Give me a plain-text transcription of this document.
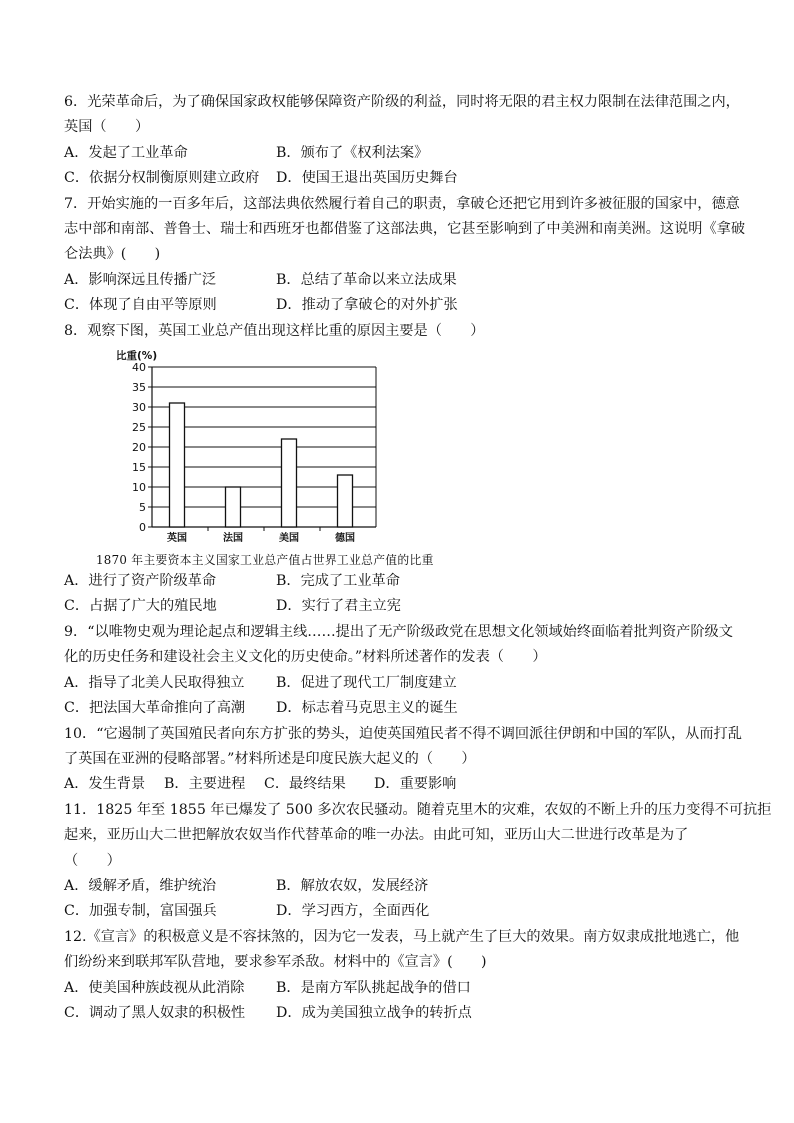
6．光荣革命后，为了确保国家政权能够保障资产阶级的利益，同时将无限的君主权力限制在法律范围之内，
英国（　　）
A．发起了工业革命	B．颁布了《权利法案》
C．依据分权制衡原则建立政府	D．使国王退出英国历史舞台
7．开始实施的一百多年后，这部法典依然履行着自己的职责，拿破仑还把它用到许多被征服的国家中，德意
志中部和南部、普鲁士、瑞士和西班牙也都借鉴了这部法典，它甚至影响到了中美洲和南美洲。这说明《拿破
仑法典》(　　)
A．影响深远且传播广泛	B．总结了革命以来立法成果
C．体现了自由平等原则	D．推动了拿破仑的对外扩张
8．观察下图，英国工业总产值出现这样比重的原因主要是（　　）
0
5
10
15
20
25
30
35
40
比重(%)
英国	法国	美国	德国
1870 年主要资本主义国家工业总产值占世界工业总产值的比重
A．进行了资产阶级革命	B．完成了工业革命
C．占据了广大的殖民地	D．实行了君主立宪
9．“以唯物史观为理论起点和逻辑主线……提出了无产阶级政党在思想文化领域始终面临着批判资产阶级文
化的历史任务和建设社会主义文化的历史使命。”材料所述著作的发表（　　）
A．指导了北美人民取得独立	B．促进了现代工厂制度建立
C．把法国大革命推向了高潮	D．标志着马克思主义的诞生
10．“它遏制了英国殖民者向东方扩张的势头，迫使英国殖民者不得不调回派往伊朗和中国的军队，从而打乱
了英国在亚洲的侵略部署。”材料所述是印度民族大起义的（　　）
A．发生背景	B．主要进程	C．最终结果	D．重要影响
11．1825 年至 1855 年已爆发了 500 多次农民骚动。随着克里木的灾难，农奴的不断上升的压力变得不可抗拒
起来，亚历山大二世把解放农奴当作代替革命的唯一办法。由此可知，亚历山大二世进行改革是为了
（　　）
A．缓解矛盾，维护统治	B．解放农奴，发展经济
C．加强专制，富国强兵	D．学习西方，全面西化
12.《宣言》的积极意义是不容抹煞的，因为它一发表，马上就产生了巨大的效果。南方奴隶成批地逃亡，他
们纷纷来到联邦军队营地，要求参军杀敌。材料中的《宣言》(　　)
A．使美国种族歧视从此消除	B．是南方军队挑起战争的借口
C．调动了黑人奴隶的积极性	D．成为美国独立战争的转折点
